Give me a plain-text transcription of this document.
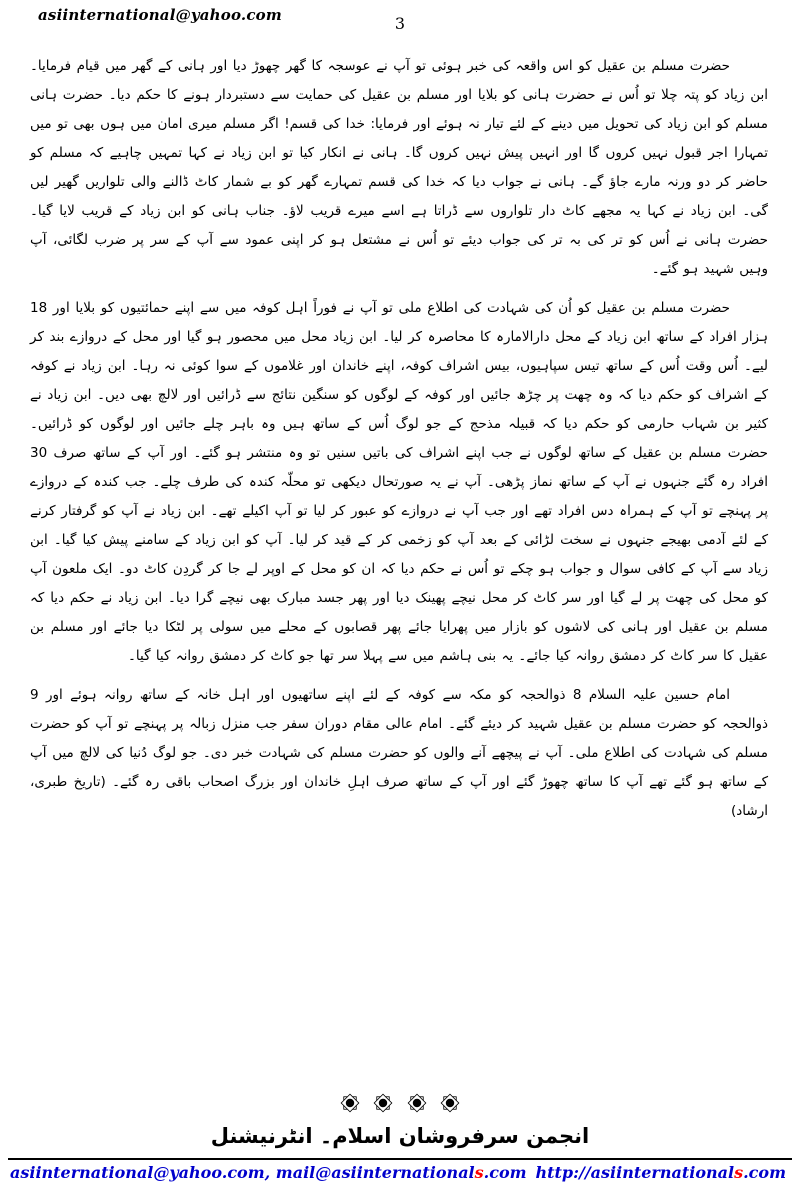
asiinternational@yahoo.com	3

حضرت مسلم بن عقیل کو اس واقعہ کی خبر ہوئی تو آپ نے عوسجہ کا گھر چھوڑ دیا اور ہانی کے گھر میں قیام فرمایا۔ ابن زیاد کو پتہ چلا تو اُس نے حضرت ہانی کو بلایا اور مسلم بن عقیل کی حمایت سے دستبردار ہونے کا حکم دیا۔ حضرت ہانی مسلم کو ابن زیاد کی تحویل میں دینے کے لئے تیار نہ ہوئے اور فرمایا: خدا کی قسم! اگر مسلم میری امان میں ہوں بھی تو میں تمہارا اجر قبول نہیں کروں گا اور انہیں پیش نہیں کروں گا۔ ہانی نے انکار کیا تو ابن زیاد نے کہا تمہیں چاہیے کہ مسلم کو حاضر کر دو ورنہ مارے جاؤ گے۔ ہانی نے جواب دیا کہ خدا کی قسم تمہارے گھر کو بے شمار کاٹ ڈالنے والی تلواریں گھیر لیں گی۔ ابن زیاد نے کہا یہ مجھے کاٹ دار تلواروں سے ڈراتا ہے اسے میرے قریب لاؤ۔ جناب ہانی کو ابن زیاد کے قریب لایا گیا۔ حضرت ہانی نے اُس کو تر کی بہ تر کی جواب دیئے تو اُس نے مشتعل ہو کر اپنی عمود سے آپ کے سر پر ضرب لگائی، آپ وہیں شہید ہو گئے۔

حضرت مسلم بن عقیل کو اُن کی شہادت کی اطلاع ملی تو آپ نے فوراً اہل کوفہ میں سے اپنے حمائتیوں کو بلایا اور 18 ہزار افراد کے ساتھ ابن زیاد کے محل دارالامارہ کا محاصرہ کر لیا۔ ابن زیاد محل میں محصور ہو گیا اور محل کے دروازے بند کر لیے۔ اُس وقت اُس کے ساتھ تیس سپاہیوں، بیس اشراف کوفہ، اپنے خاندان اور غلاموں کے سوا کوئی نہ رہا۔ ابن زیاد نے کوفہ کے اشراف کو حکم دیا کہ وہ چھت پر چڑھ جائیں اور کوفہ کے لوگوں کو سنگین نتائج سے ڈرائیں اور لالچ بھی دیں۔ ابن زیاد نے کثیر بن شہاب حارمی کو حکم دیا کہ قبیلہ مذحج کے جو لوگ اُس کے ساتھ ہیں وہ باہر چلے جائیں اور لوگوں کو ڈرائیں۔ حضرت مسلم بن عقیل کے ساتھ لوگوں نے جب اپنے اشراف کی باتیں سنیں تو وہ منتشر ہو گئے۔ اور آپ کے ساتھ صرف 30 افراد رہ گئے جنہوں نے آپ کے ساتھ نماز پڑھی۔ آپ نے یہ صورتحال دیکھی تو محلّہ کندہ کی طرف چلے۔ جب کندہ کے دروازے پر پہنچے تو آپ کے ہمراہ دس افراد تھے اور جب آپ نے دروازے کو عبور کر لیا تو آپ اکیلے تھے۔ ابن زیاد نے آپ کو گرفتار کرنے کے لئے آدمی بھیجے جنہوں نے سخت لڑائی کے بعد آپ کو زخمی کر کے قید کر لیا۔ آپ کو ابن زیاد کے سامنے پیش کیا گیا۔ ابن زیاد سے آپ کے کافی سوال و جواب ہو چکے تو اُس نے حکم دیا کہ ان کو محل کے اوپر لے جا کر گردِن کاٹ دو۔ ایک ملعون آپ کو محل کی چھت پر لے گیا اور سر کاٹ کر محل نیچے پھینک دیا اور پھر جسد مبارک بھی نیچے گرا دیا۔ ابن زیاد نے حکم دیا کہ مسلم بن عقیل اور ہانی کی لاشوں کو بازار میں پھرایا جائے پھر قصابوں کے محلے میں سولی پر لٹکا دیا جائے اور مسلم بن عقیل کا سر کاٹ کر دمشق روانہ کیا جائے۔ یہ بنی ہاشم میں سے پہلا سر تھا جو کاٹ کر دمشق روانہ کیا گیا۔

امام حسین علیہ السلام 8 ذوالحجہ کو مکہ سے کوفہ کے لئے اپنے ساتھیوں اور اہل خانہ کے ساتھ روانہ ہوئے اور 9 ذوالحجہ کو حضرت مسلم بن عقیل شہید کر دیئے گئے۔ امام عالی مقام دوران سفر جب منزل زبالہ پر پہنچے تو آپ کو حضرت مسلم کی شہادت کی اطلاع ملی۔ آپ نے پیچھے آنے والوں کو حضرت مسلم کی شہادت خبر دی۔ جو لوگ دُنیا کی لالچ میں آپ کے ساتھ ہو گئے تھے آپ کا ساتھ چھوڑ گئے اور آپ کے ساتھ صرف اہلِ خاندان اور بزرگ اصحاب باقی رہ گئے۔ (تاریخ طبری، ارشاد)

انجمن سرفروشان اسلام۔ انٹرنیشنل
asiinternational@yahoo.com, mail@asiinternationals.com http://asiinternationals.com
